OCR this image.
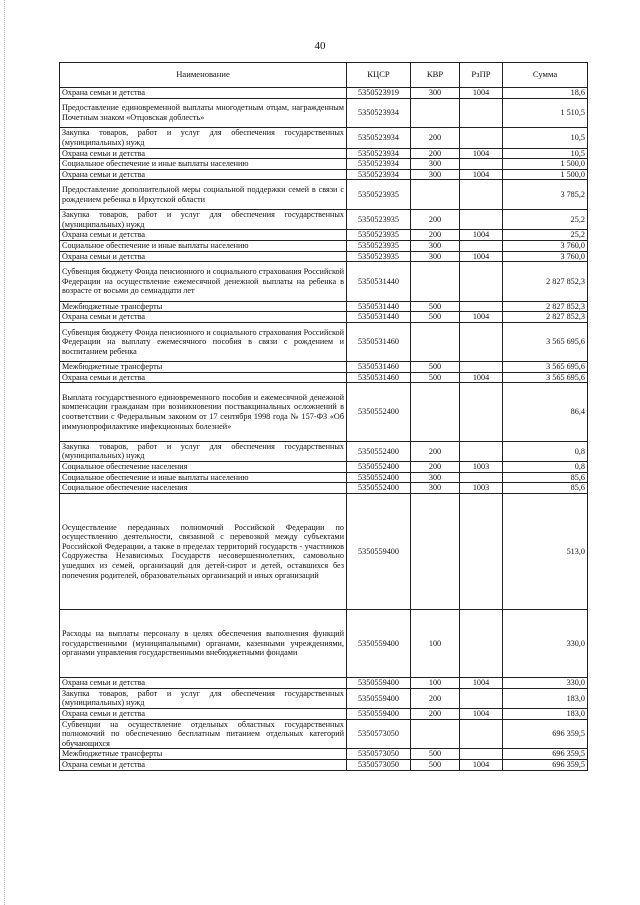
40
Наименование	КЦСР	КВР	РзПР	Сумма
Охрана семьи и детства	5350523919	300	1004	18,6
Предоставление единовременной выплаты многодетным отцам, награжденным Почетным знаком «Отцовская доблесть»	5350523934			1 510,5
Закупка товаров, работ и услуг для обеспечения государственных (муниципальных) нужд	5350523934	200		10,5
Охрана семьи и детства	5350523934	200	1004	10,5
Социальное обеспечение и иные выплаты населению	5350523934	300		1 500,0
Охрана семьи и детства	5350523934	300	1004	1 500,0
Предоставление дополнительной меры социальной поддержки семей в связи с рождением ребенка в Иркутской области	5350523935			3 785,2
Закупка товаров, работ и услуг для обеспечения государственных (муниципальных) нужд	5350523935	200		25,2
Охрана семьи и детства	5350523935	200	1004	25,2
Социальное обеспечение и иные выплаты населению	5350523935	300		3 760,0
Охрана семьи и детства	5350523935	300	1004	3 760,0
Субвенция бюджету Фонда пенсионного и социального страхования Российской Федерации на осуществление ежемесячной денежной выплаты на ребенка в возрасте от восьми до семнадцати лет	5350531440			2 827 852,3
Межбюджетные трансферты	5350531440	500		2 827 852,3
Охрана семьи и детства	5350531440	500	1004	2 827 852,3
Субвенция бюджету Фонда пенсионного и социального страхования Российской Федерации на выплату ежемесячного пособия в связи с рождением и воспитанием ребенка	5350531460			3 565 695,6
Межбюджетные трансферты	5350531460	500		3 565 695,6
Охрана семьи и детства	5350531460	500	1004	3 565 695,6
Выплата государственного единовременного пособия и ежемесячной денежной компенсации гражданам при возникновении поствакцинальных осложнений в соответствии с Федеральным законом от 17 сентября 1998 года № 157-ФЗ «Об иммунопрофилактике инфекционных болезней»	5350552400			86,4
Закупка товаров, работ и услуг для обеспечения государственных (муниципальных) нужд	5350552400	200		0,8
Социальное обеспечение населения	5350552400	200	1003	0,8
Социальное обеспечение и иные выплаты населению	5350552400	300		85,6
Социальное обеспечение населения	5350552400	300	1003	85,6
Осуществление переданных полномочий Российской Федерации по осуществлению деятельности, связанной с перевозкой между субъектами Российской Федерации, а также в пределах территорий государств - участников Содружества Независимых Государств несовершеннолетних, самовольно ушедших из семей, организаций для детей-сирот и детей, оставшихся без попечения родителей, образовательных организаций и иных организаций	5350559400			513,0
Расходы на выплаты персоналу в целях обеспечения выполнения функций государственными (муниципальными) органами, казенными учреждениями, органами управления государственными внебюджетными фондами	5350559400	100		330,0
Охрана семьи и детства	5350559400	100	1004	330,0
Закупка товаров, работ и услуг для обеспечения государственных (муниципальных) нужд	5350559400	200		183,0
Охрана семьи и детства	5350559400	200	1004	183,0
Субвенции на осуществление отдельных областных государственных полномочий по обеспечению бесплатным питанием отдельных категорий обучающихся	5350573050			696 359,5
Межбюджетные трансферты	5350573050	500		696 359,5
Охрана семьи и детства	5350573050	500	1004	696 359,5
